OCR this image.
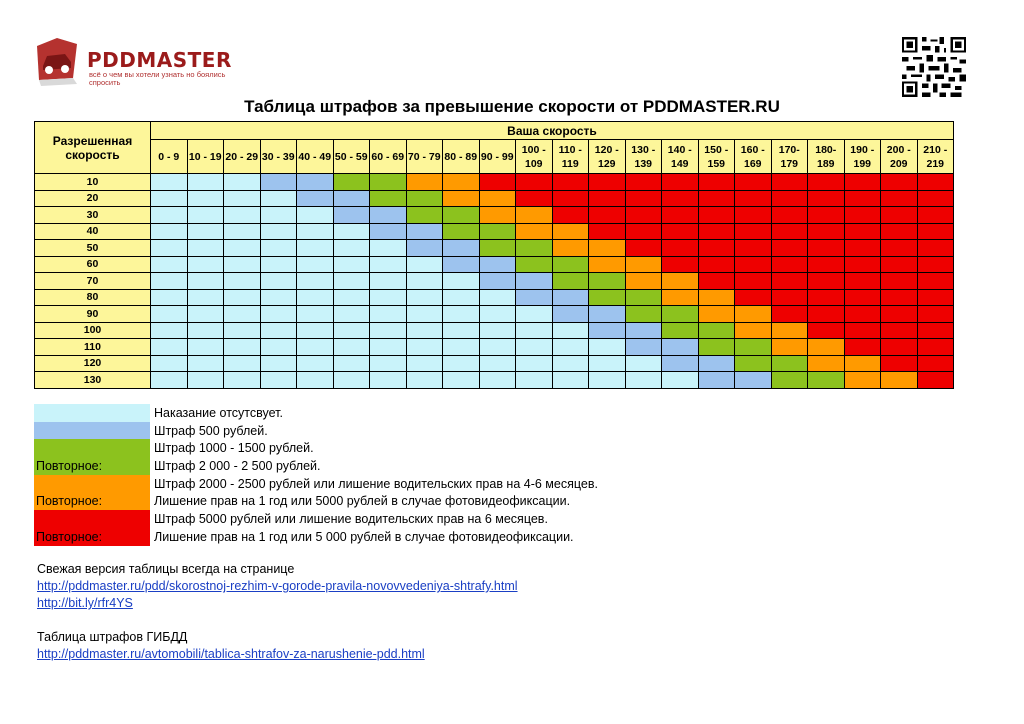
PDDMASTER
всё о чем вы хотели узнать но боялись спросить
Таблица штрафов за превышение скорости от PDDMASTER.RU
Разрешенная скорость	Ваша скорость																					
	0 - 9	10 - 19	20 - 29	30 - 39	40 - 49	50 - 59	60 - 69	70 - 79	80 - 89	90 - 99	100 - 109	110 - 119	120 - 129	130 - 139	140 - 149	150 - 159	160 - 169	170- 179	180- 189	190 - 199	200 - 209	210 - 219
10																						
20																						
30																						
40																						
50																						
60																						
70																						
80																						
90																						
100																						
110																						
120																						
130																						
Наказание отсутсвует.
Штраф 500 рублей.
Штраф 1000 - 1500 рублей.
Штраф 2 000 - 2 500 рублей.
Повторное:
Штраф 2000 - 2500 рублей или лишение водительских прав на 4-6 месяцев.
Лишение прав на 1 год или 5000 рублей в случае фотовидеофиксации.
Повторное:
Штраф 5000 рублей или лишение водительских прав на 6 месяцев.
Лишение прав на 1 год или 5 000 рублей в случае фотовидеофиксации.
Повторное:
Свежая версия таблицы всегда на странице
http://pddmaster.ru/pdd/skorostnoj-rezhim-v-gorode-pravila-novovvedeniya-shtrafy.html
http://bit.ly/rfr4YS
Таблица штрафов ГИБДД
http://pddmaster.ru/avtomobili/tablica-shtrafov-za-narushenie-pdd.html
